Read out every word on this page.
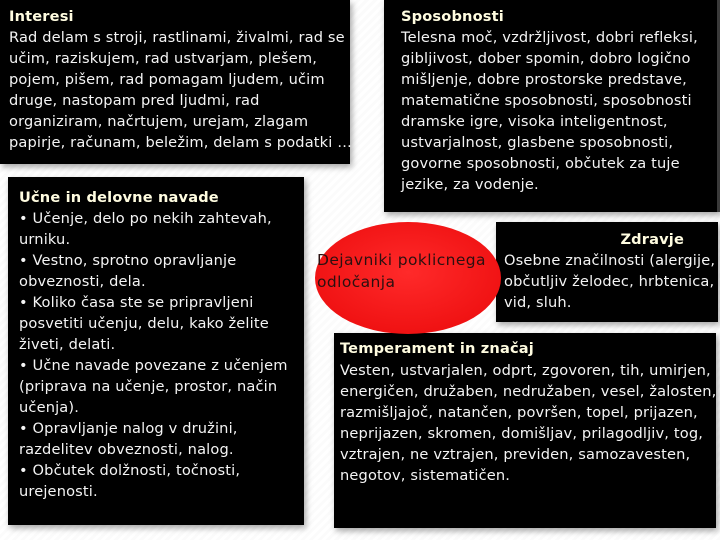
Interesi
Rad delam s stroji, rastlinami, živalmi, rad se
učim, raziskujem, rad ustvarjam, plešem,
pojem, pišem, rad pomagam ljudem, učim
druge, nastopam pred ljudmi, rad
organiziram, načrtujem, urejam, zlagam
papirje, računam, beležim, delam s podatki …
Sposobnosti
Telesna moč, vzdržljivost, dobri refleksi,
gibljivost, dober spomin, dobro logično
mišljenje, dobre prostorske predstave,
matematične sposobnosti, sposobnosti
dramske igre, visoka inteligentnost,
ustvarjalnost, glasbene sposobnosti,
govorne sposobnosti, občutek za tuje
jezike, za vodenje.
Učne in delovne navade
• Učenje, delo po nekih zahtevah,
urniku.
• Vestno, sprotno opravljanje
obveznosti, dela.
• Koliko časa ste se pripravljeni
posvetiti učenju, delu, kako želite
živeti, delati.
• Učne navade povezane z učenjem
(priprava na učenje, prostor, način
učenja).
• Opravljanje nalog v družini,
razdelitev obveznosti, nalog.
• Občutek dolžnosti, točnosti,
urejenosti.
Zdravje
Osebne značilnosti (alergije,
občutljiv želodec, hrbtenica,
vid, sluh.
Temperament in značaj
Vesten, ustvarjalen, odprt, zgovoren, tih, umirjen,
energičen, družaben, nedružaben, vesel, žalosten,
razmišljajoč, natančen, površen, topel, prijazen,
neprijazen, skromen, domišljav, prilagodljiv, tog,
vztrajen, ne vztrajen, previden, samozavesten,
negotov, sistematičen.
Dejavniki poklicnega
odločanja
